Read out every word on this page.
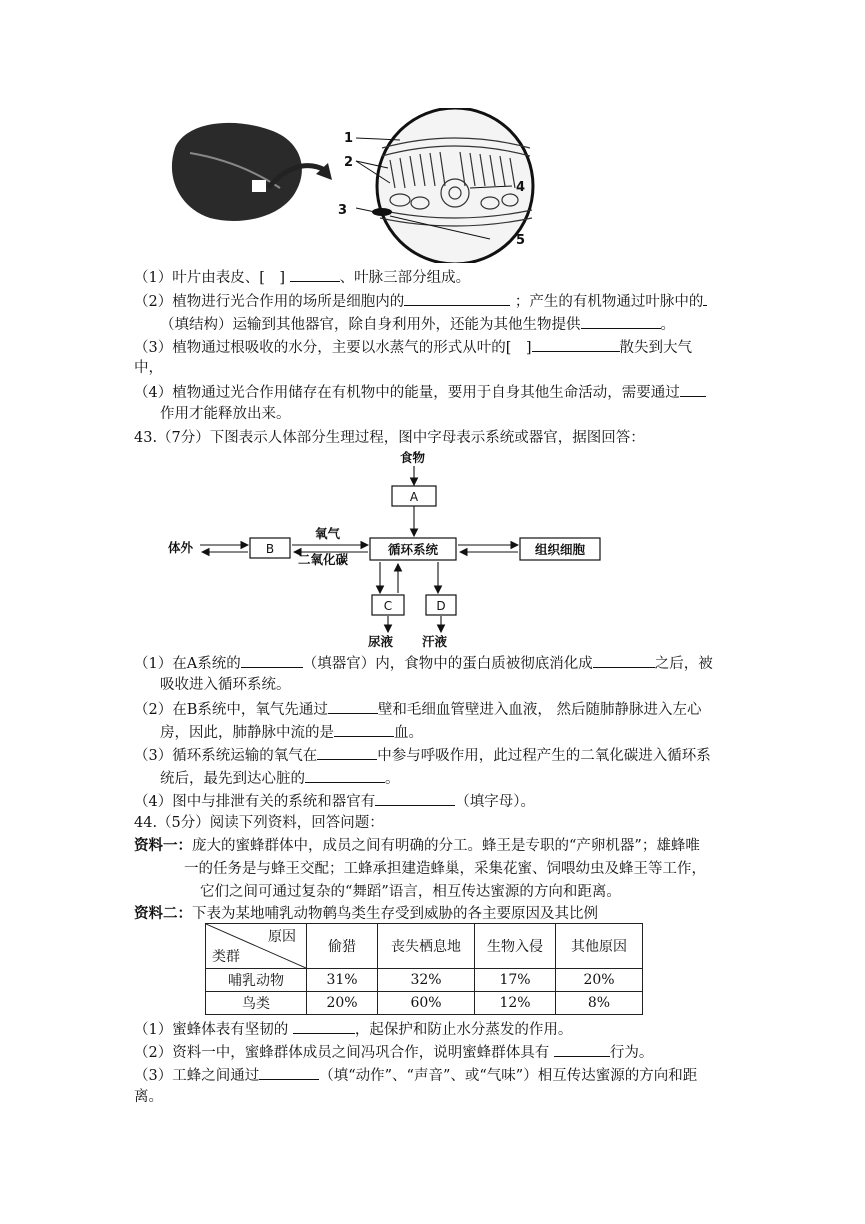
1
2
3
4
5
（1）叶片由表皮、[　]	、叶脉三部分组成。
（2）植物进行光合作用的场所是细胞内的	；产生的有机物通过叶脉中的
（填结构）运输到其他器官，除自身利用外，还能为其他生物提供	。
（3）植物通过根吸收的水分，主要以水蒸气的形式从叶的[　]	散失到大气
中，
（4）植物通过光合作用储存在有机物中的能量，要用于自身其他生命活动，需要通过
作用才能释放出来。
43.（7分）下图表示人体部分生理过程，图中字母表示系统或器官，据图回答：
食物
体外
氧气
二氧化碳
尿液 汗液
A
B
C	D
循环系统	组织细胞
（1）在A系统的	（填器官）内，食物中的蛋白质被彻底消化成	之后，被
吸收进入循环系统。
（2）在B系统中，氧气先通过	壁和毛细血管壁进入血液， 然后随肺静脉进入左心
房，因此，肺静脉中流的是	血。
（3）循环系统运输的氧气在	中参与呼吸作用，此过程产生的二氧化碳进入循环系
统后，最先到达心脏的	。
（4）图中与排泄有关的系统和器官有	（填字母）。
44.（5分）阅读下列资料，回答问题：
资料一：庞大的蜜蜂群体中，成员之间有明确的分工。蜂王是专职的“产卵机器”；雄蜂唯
一的任务是与蜂王交配；工蜂承担建造蜂巢，采集花蜜、饲喂幼虫及蜂王等工作，
它们之间可通过复杂的“舞蹈”语言，相互传达蜜源的方向和距离。
资料二：下表为某地哺乳动物鹌鸟类生存受到威胁的各主要原因及其比例
原因
类群	偷猎	丧失栖息地	生物入侵	其他原因
哺乳动物	31%	32%	17%	20%
鸟类	20%	60%	12%	8%
（1）蜜蜂体表有坚韧的	，起保护和防止水分蒸发的作用。
（2）资料一中，蜜蜂群体成员之间冯巩合作，说明蜜蜂群体具有	行为。
（3）工蜂之间通过	（填“动作”、“声音”、或“气味”）相互传达蜜源的方向和距
离。
